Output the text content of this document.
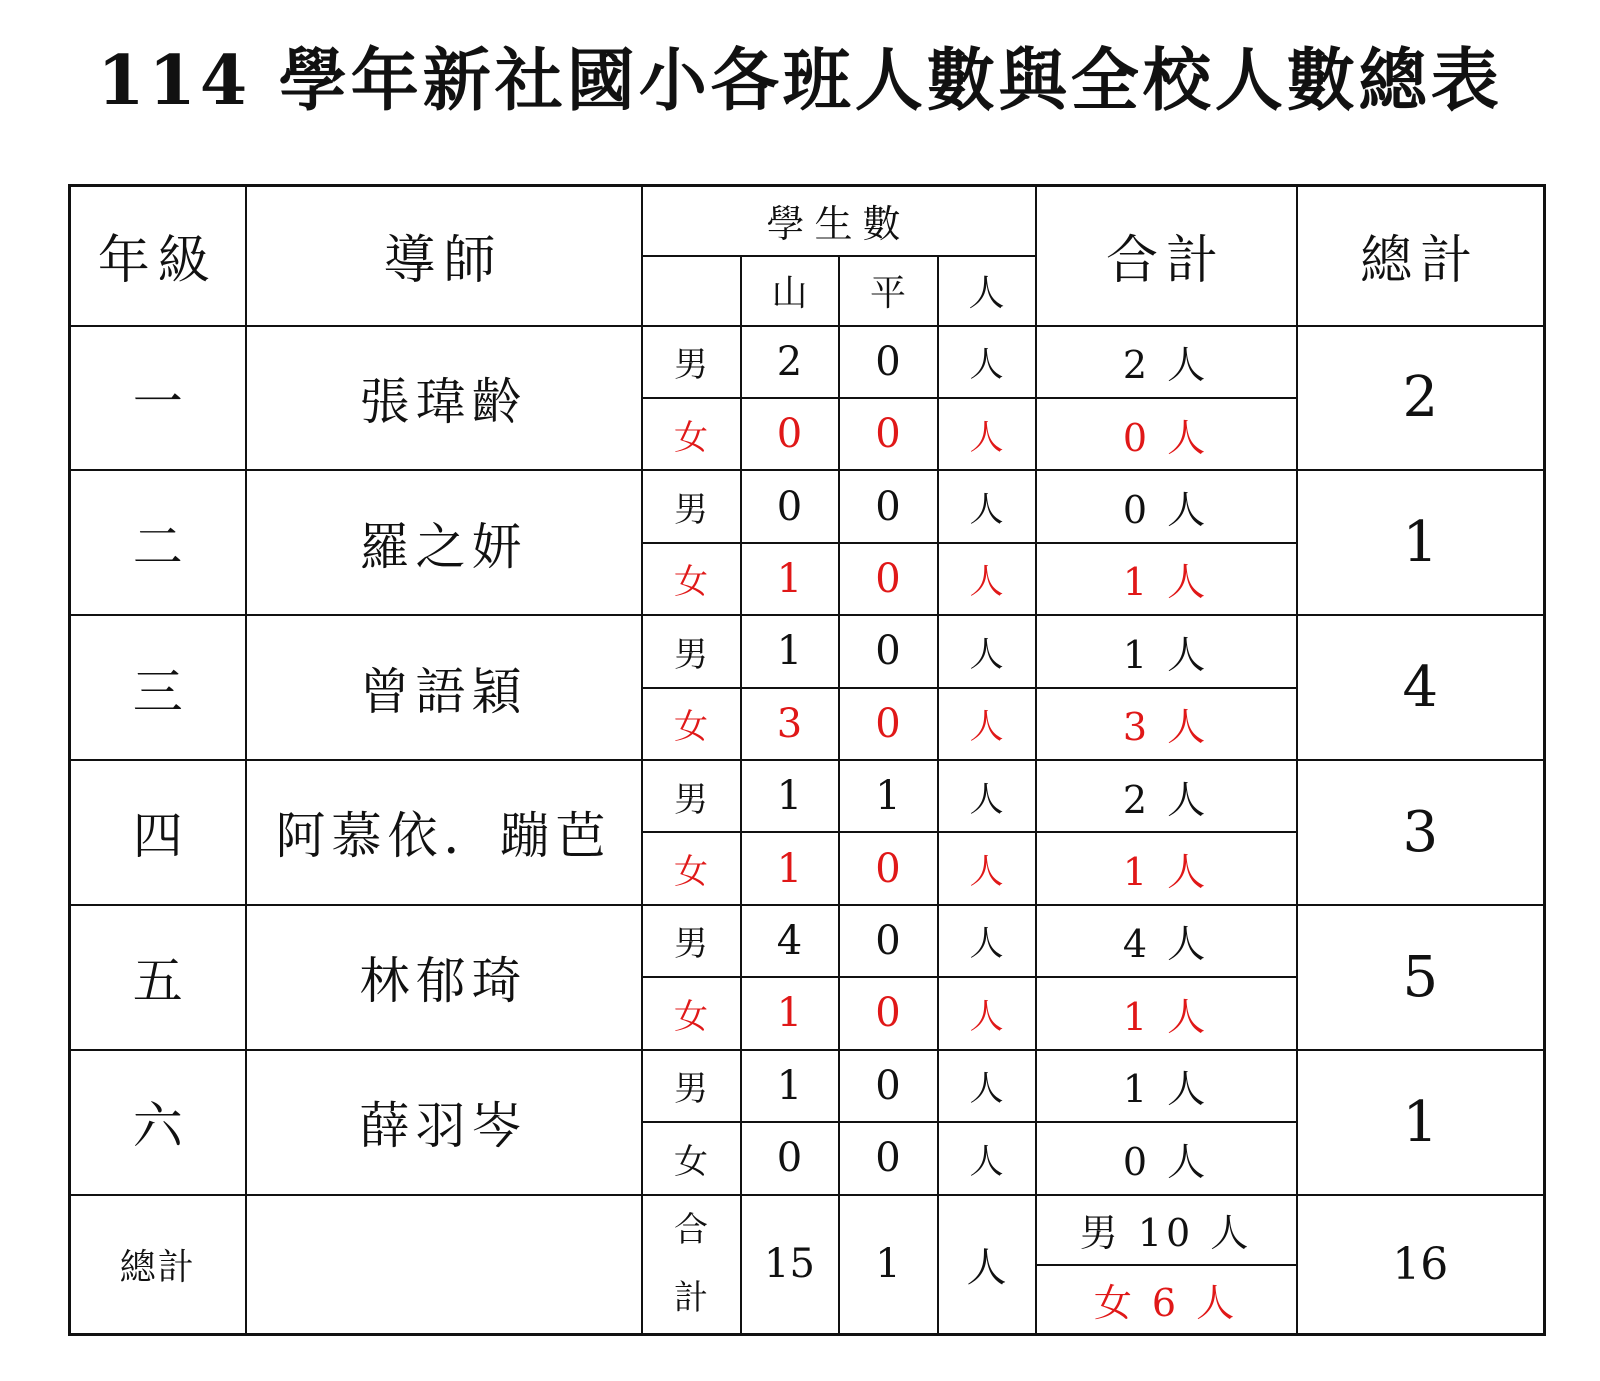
114 學年新社國小各班人數與全校人數總表
年級	導師	學生數				合計	總計
			山	平	人		
一	張瑋齡	男	2	0	人	2 人	2
		女	0	0	人	0 人	
二	羅之妍	男	0	0	人	0 人	1
		女	1	0	人	1 人	
三	曾語穎	男	1	0	人	1 人	4
		女	3	0	人	3 人	
四	阿慕依．蹦芭	男	1	1	人	2 人	3
		女	1	0	人	1 人	
五	林郁琦	男	4	0	人	4 人	5
		女	1	0	人	1 人	
六	薛羽岑	男	1	0	人	1 人	1
		女	0	0	人	0 人	
總計		合計	15	1	人	男 10 人	16
						女 6 人	
